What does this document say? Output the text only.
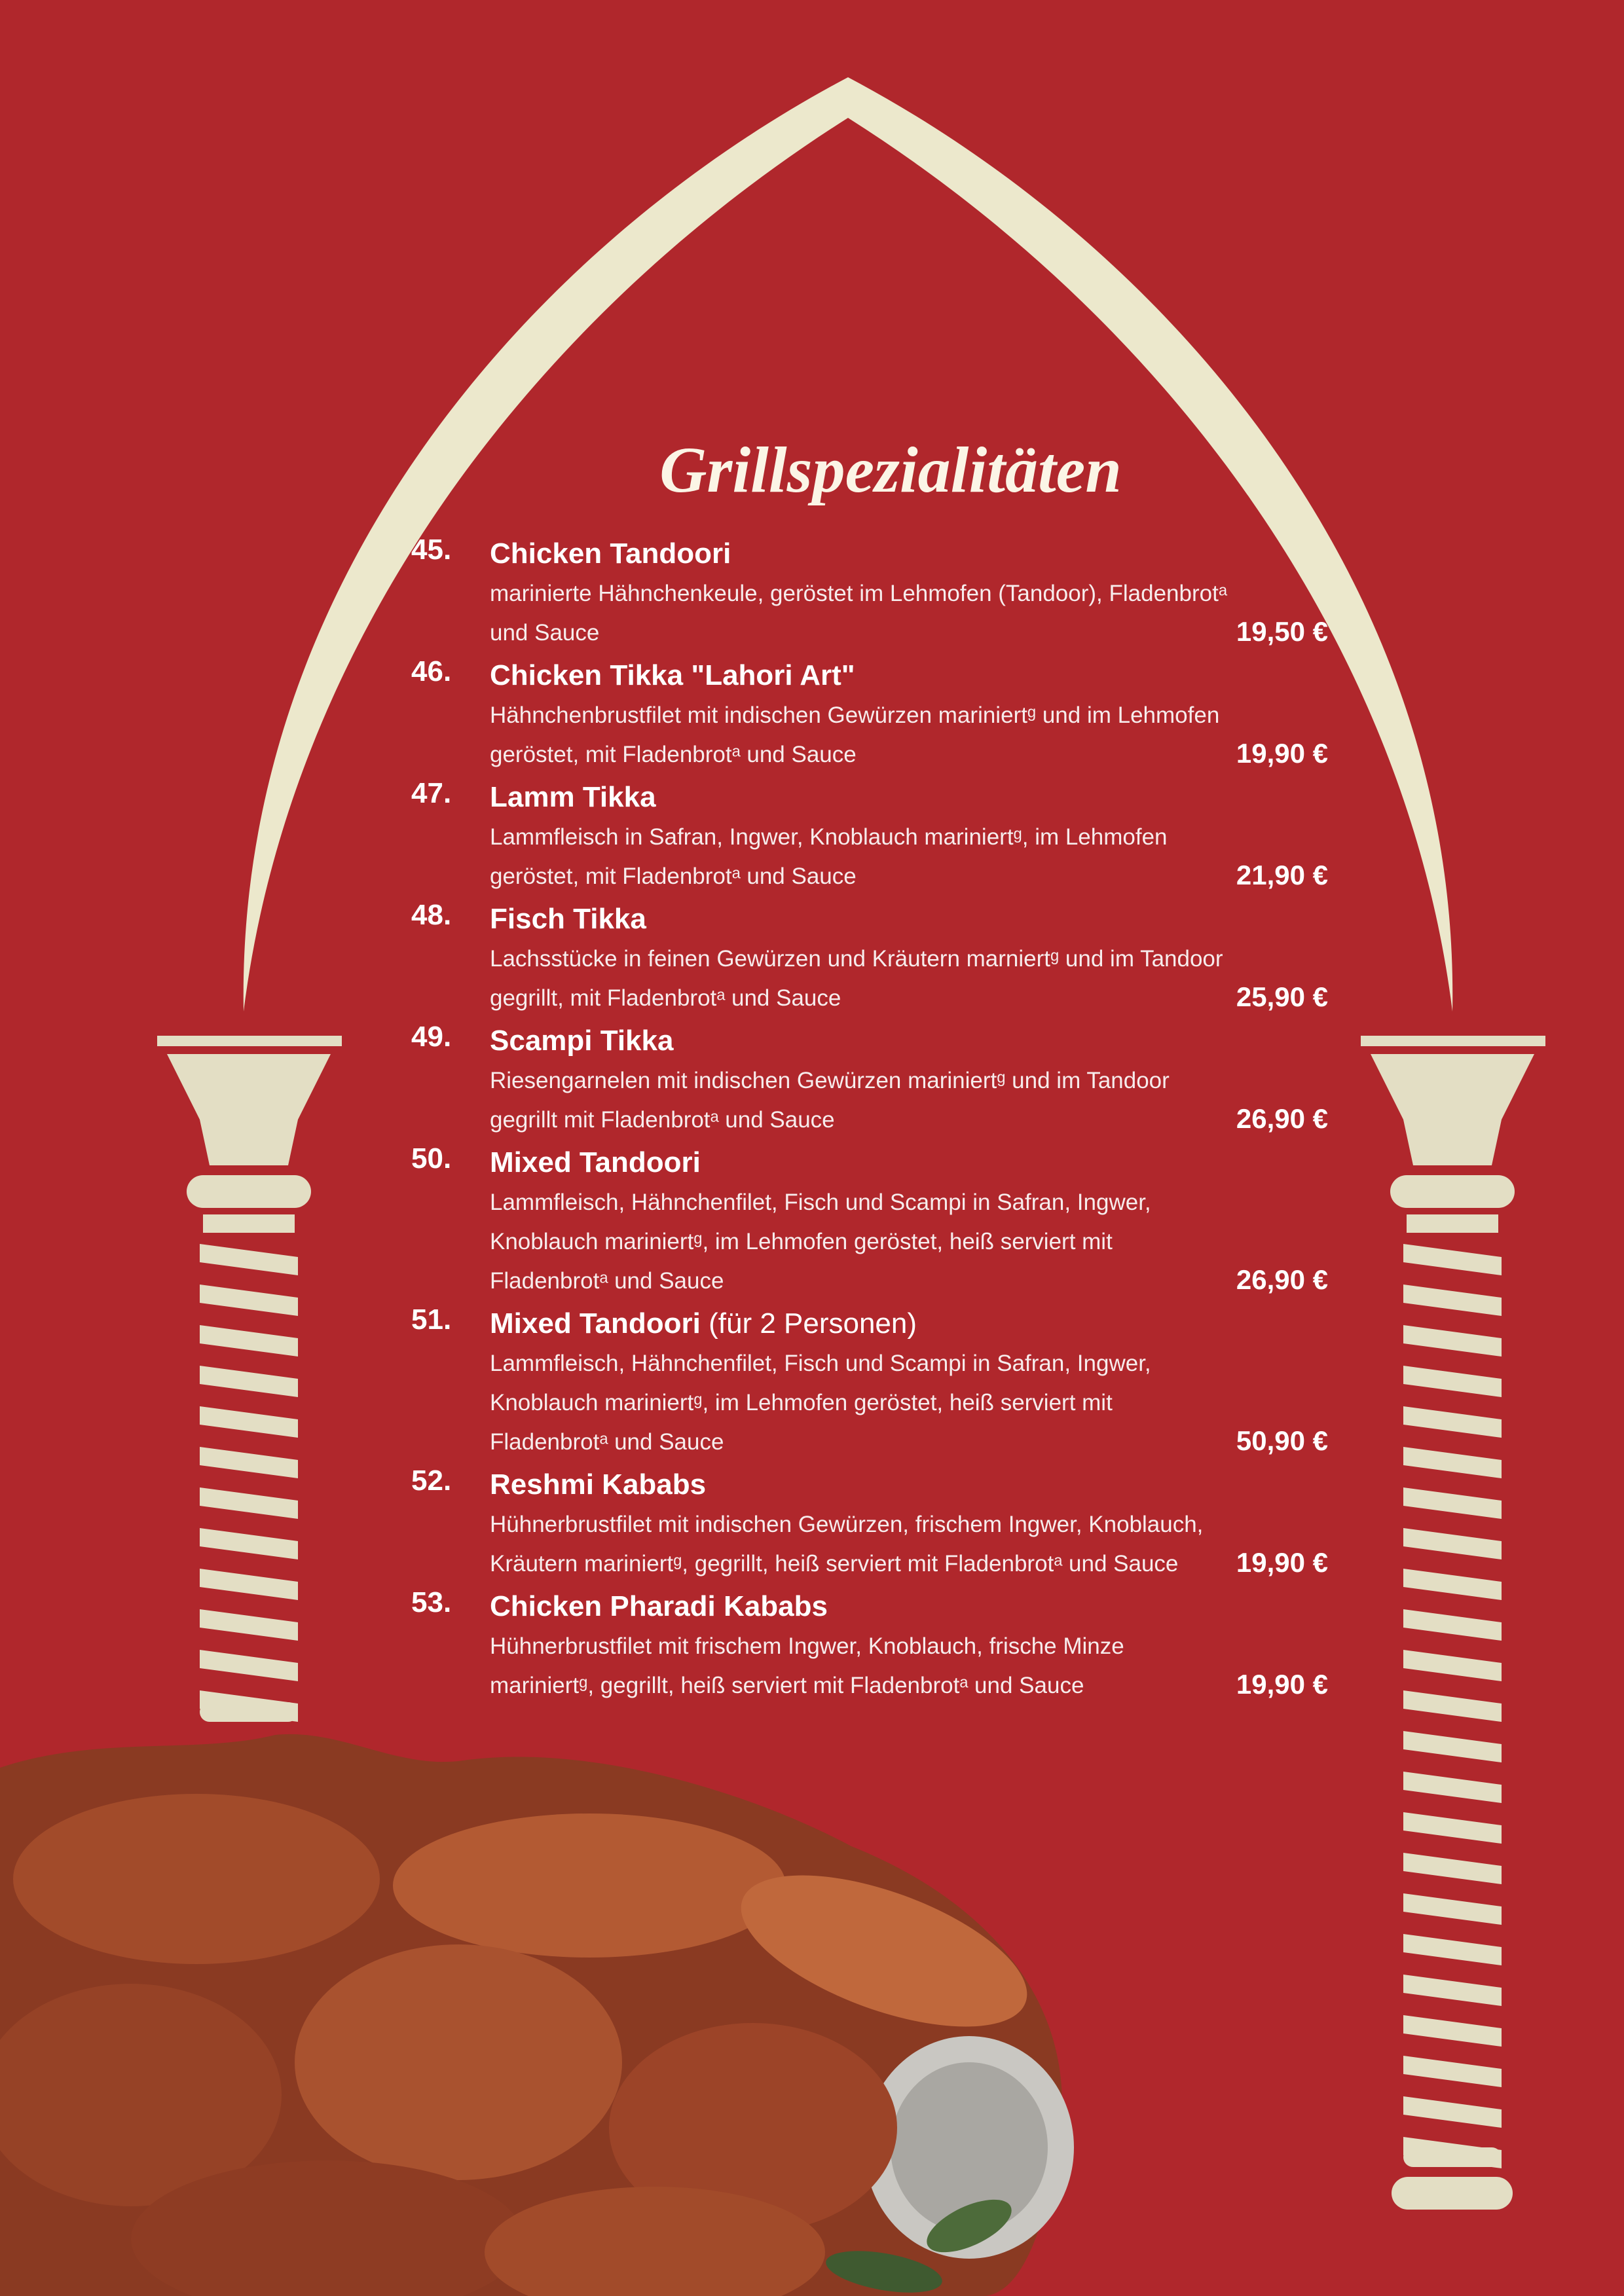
Grillspezialitäten
45. Chicken Tandoori
marinierte Hähnchenkeule, geröstet im Lehmofen (Tandoor), Fladenbrotᵃ und Sauce	19,50 €
46. Chicken Tikka "Lahori Art"
Hähnchenbrustfilet mit indischen Gewürzen mariniertᵍ und im Lehmofen geröstet, mit Fladenbrotᵃ und Sauce	19,90 €
47. Lamm Tikka
Lammfleisch in Safran, Ingwer, Knoblauch mariniertᵍ, im Lehmofen geröstet, mit Fladenbrotᵃ und Sauce	21,90 €
48. Fisch Tikka
Lachsstücke in feinen Gewürzen und Kräutern marniertᵍ und im Tandoor gegrillt, mit Fladenbrotᵃ und Sauce	25,90 €
49. Scampi Tikka
Riesengarnelen mit indischen Gewürzen mariniertᵍ und im Tandoor gegrillt mit Fladenbrotᵃ und Sauce	26,90 €
50. Mixed Tandoori
Lammfleisch, Hähnchenfilet, Fisch und Scampi in Safran, Ingwer, Knoblauch mariniertᵍ, im Lehmofen geröstet, heiß serviert mit Fladenbrotᵃ und Sauce	26,90 €
51. Mixed Tandoori (für 2 Personen)
Lammfleisch, Hähnchenfilet, Fisch und Scampi in Safran, Ingwer, Knoblauch mariniertᵍ, im Lehmofen geröstet, heiß serviert mit Fladenbrotᵃ und Sauce	50,90 €
52. Reshmi Kababs
Hühnerbrustfilet mit indischen Gewürzen, frischem Ingwer, Knoblauch, Kräutern mariniertᵍ, gegrillt, heiß serviert mit Fladenbrotᵃ und Sauce	19,90 €
53. Chicken Pharadi Kababs
Hühnerbrustfilet mit frischem Ingwer, Knoblauch, frische Minze mariniertᵍ, gegrillt, heiß serviert mit Fladenbrotᵃ und Sauce	19,90 €
